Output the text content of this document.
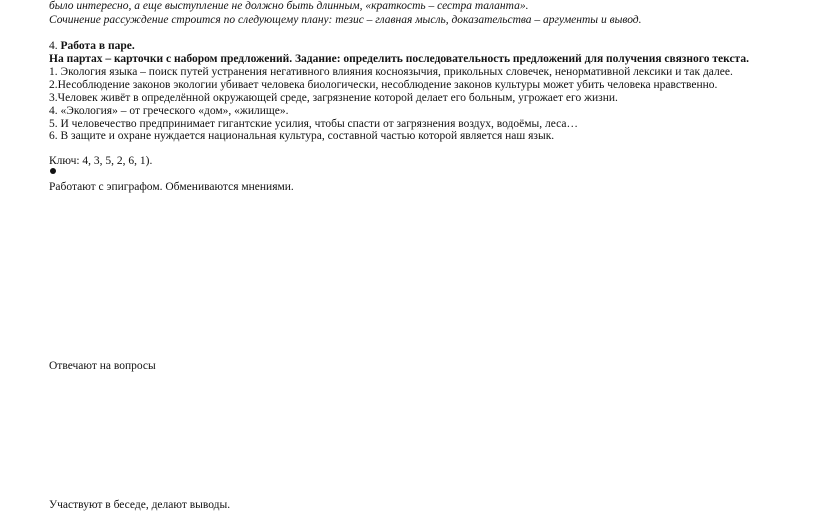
было интересно, а еще выступление не должно быть длинным, «краткость – сестра таланта».
Сочинение рассуждение строится по следующему плану: тезис – главная мысль, доказательства – аргументы и вывод.
4. Работа в паре.
На партах – карточки с набором предложений. Задание: определить последовательность предложений для получения связного текста.
1. Экология языка – поиск путей устранения негативного влияния косноязычия, прикольных словечек, ненормативной лексики и так далее.
2.Несоблюдение законов экологии убивает человека биологически, несоблюдение законов культуры может убить человека нравственно.
3.Человек живёт в определённой окружающей среде, загрязнение которой делает его больным, угрожает его жизни.
4. «Экология» – от греческого «дом», «жилище».
5. И человечество предпринимает гигантские усилия, чтобы спасти от загрязнения воздух, водоёмы, леса…
6. В защите и охране нуждается национальная культура, составной частью которой является наш язык.
Ключ: 4, 3, 5, 2, 6, 1).
Работают с эпиграфом. Обмениваются мнениями.
Отвечают на вопросы
Участвуют в беседе, делают выводы.
